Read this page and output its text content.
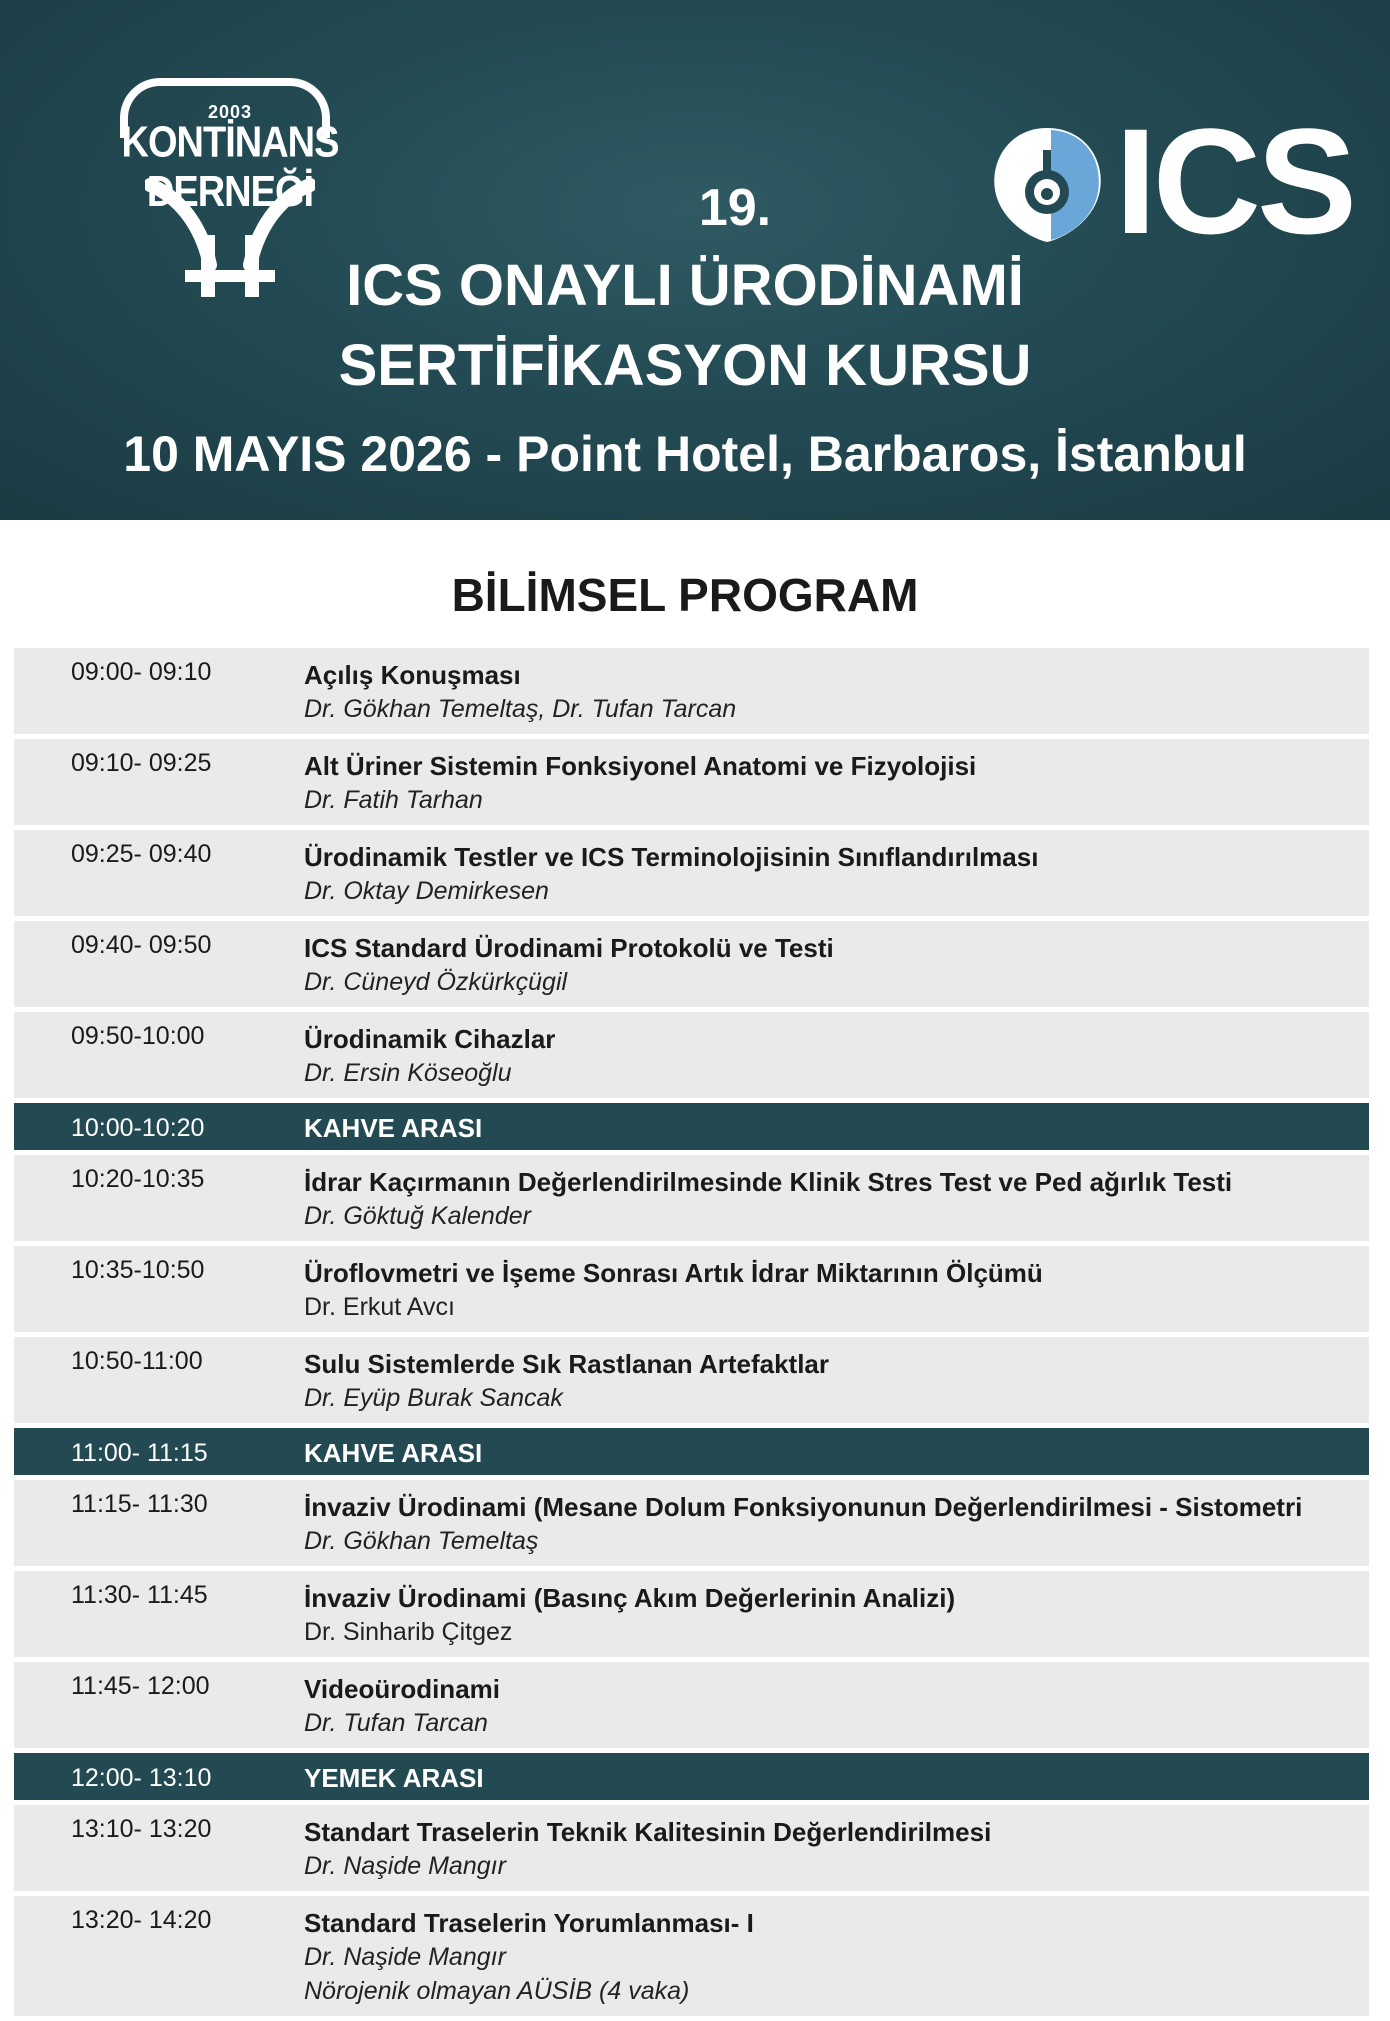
2003
KONTİNANS DERNEĞİ	ICS
19.
ICS ONAYLI ÜRODİNAMİ
SERTİFİKASYON KURSU
10 MAYIS 2026 - Point Hotel, Barbaros, İstanbul
BİLİMSEL PROGRAM
09:00- 09:10	Açılış Konuşması
Dr. Gökhan Temeltaş, Dr. Tufan Tarcan
09:10- 09:25	Alt Üriner Sistemin Fonksiyonel Anatomi ve Fizyolojisi
Dr. Fatih Tarhan
09:25- 09:40	Ürodinamik Testler ve ICS Terminolojisinin Sınıflandırılması
Dr. Oktay Demirkesen
09:40- 09:50	ICS Standard Ürodinami Protokolü ve Testi
Dr. Cüneyd Özkürkçügil
09:50-10:00	Ürodinamik Cihazlar
Dr. Ersin Köseoğlu
10:00-10:20	KAHVE ARASI
10:20-10:35	İdrar Kaçırmanın Değerlendirilmesinde Klinik Stres Test ve Ped ağırlık Testi
Dr. Göktuğ Kalender
10:35-10:50	Üroflovmetri ve İşeme Sonrası Artık İdrar Miktarının Ölçümü
Dr. Erkut Avcı
10:50-11:00	Sulu Sistemlerde Sık Rastlanan Artefaktlar
Dr. Eyüp Burak Sancak
11:00- 11:15	KAHVE ARASI
11:15- 11:30	İnvaziv Ürodinami (Mesane Dolum Fonksiyonunun Değerlendirilmesi - Sistometri
Dr. Gökhan Temeltaş
11:30- 11:45	İnvaziv Ürodinami (Basınç Akım Değerlerinin Analizi)
Dr. Sinharib Çitgez
11:45- 12:00	Videoürodinami
Dr. Tufan Tarcan
12:00- 13:10	YEMEK ARASI
13:10- 13:20	Standart Traselerin Teknik Kalitesinin Değerlendirilmesi
Dr. Naşide Mangır
13:20- 14:20	Standard Traselerin Yorumlanması- I
Dr. Naşide Mangır
Nörojenik olmayan AÜSİB (4 vaka)
